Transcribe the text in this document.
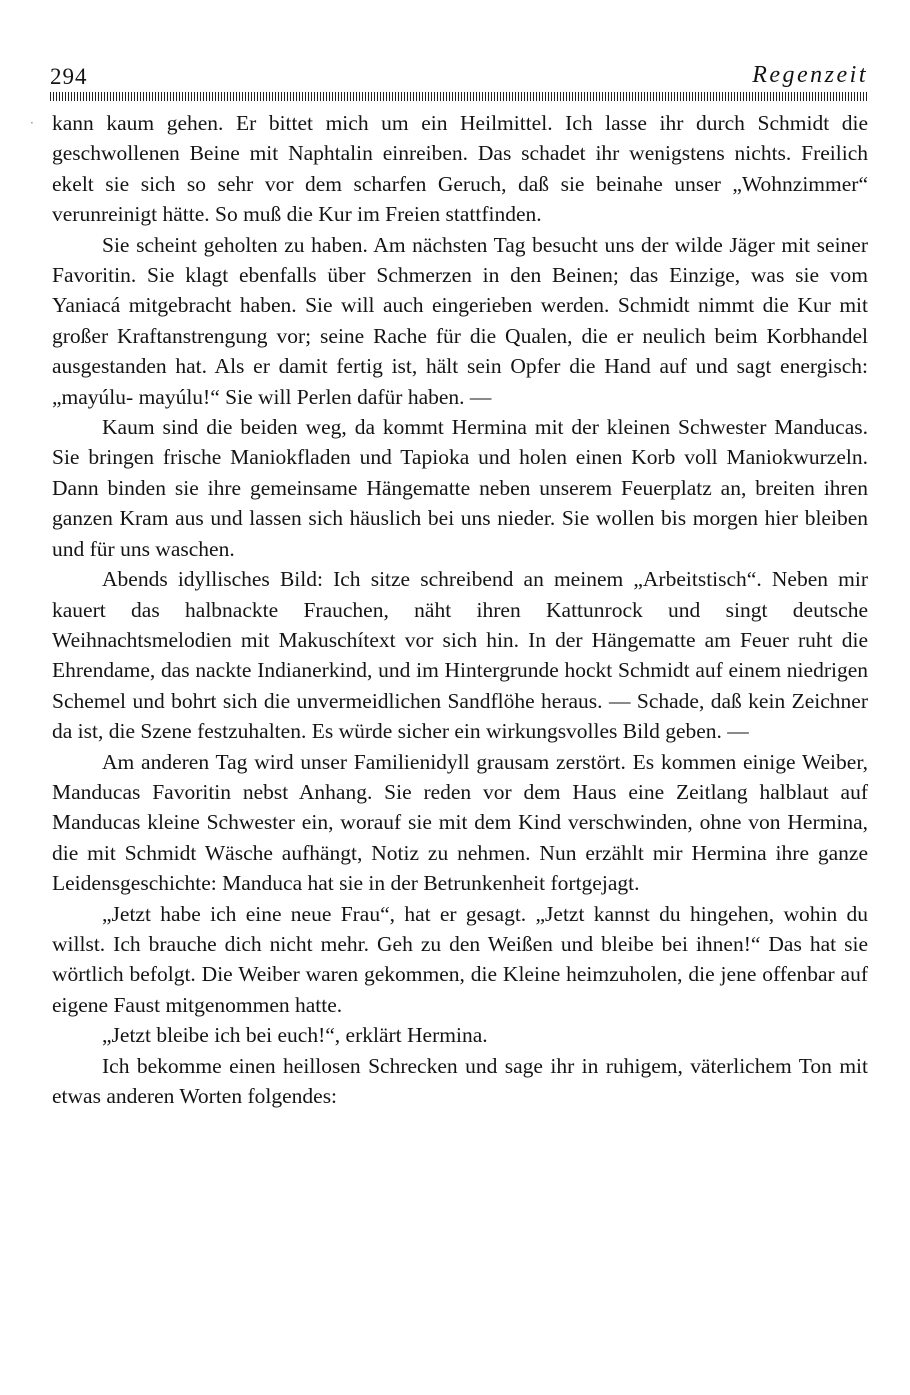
294	Regenzeit
· kann kaum gehen. Er bittet mich um ein Heilmittel. Ich lasse ihr durch Schmidt die geschwollenen Beine mit Naphtalin einreiben. Das schadet ihr wenigstens nichts. Freilich ekelt sie sich so sehr vor dem scharfen Geruch, daß sie beinahe unser „Wohnzimmer“ verunreinigt hätte. So muß die Kur im Freien stattfinden.

Sie scheint geholten zu haben. Am nächsten Tag besucht uns der wilde Jäger mit seiner Favoritin. Sie klagt ebenfalls über Schmerzen in den Beinen; das Einzige, was sie vom Yaniacá mitgebracht haben. Sie will auch eingerieben werden. Schmidt nimmt die Kur mit großer Kraftanstrengung vor; seine Rache für die Qualen, die er neulich beim Korbhandel ausgestanden hat. Als er damit fertig ist, hält sein Opfer die Hand auf und sagt energisch: „mayúlu- mayúlu!“ Sie will Perlen dafür haben. —

Kaum sind die beiden weg, da kommt Hermina mit der kleinen Schwester Manducas. Sie bringen frische Maniokfladen und Tapioka und holen einen Korb voll Maniokwurzeln. Dann binden sie ihre gemeinsame Hängematte neben unserem Feuerplatz an, breiten ihren ganzen Kram aus und lassen sich häuslich bei uns nieder. Sie wollen bis morgen hier bleiben und für uns waschen.

Abends idyllisches Bild: Ich sitze schreibend an meinem „Arbeitstisch“. Neben mir kauert das halbnackte Frauchen, näht ihren Kattunrock und singt deutsche Weihnachtsmelodien mit Makuschítext vor sich hin. In der Hängematte am Feuer ruht die Ehrendame, das nackte Indianerkind, und im Hintergrunde hockt Schmidt auf einem niedrigen Schemel und bohrt sich die unvermeidlichen Sandflöhe heraus. — Schade, daß kein Zeichner da ist, die Szene festzuhalten. Es würde sicher ein wirkungsvolles Bild geben. —

Am anderen Tag wird unser Familienidyll grausam zerstört. Es kommen einige Weiber, Manducas Favoritin nebst Anhang. Sie reden vor dem Haus eine Zeitlang halblaut auf Manducas kleine Schwester ein, worauf sie mit dem Kind verschwinden, ohne von Hermina, die mit Schmidt Wäsche aufhängt, Notiz zu nehmen. Nun erzählt mir Hermina ihre ganze Leidensgeschichte: Manduca hat sie in der Betrunkenheit fortgejagt.

„Jetzt habe ich eine neue Frau“, hat er gesagt. „Jetzt kannst du hingehen, wohin du willst. Ich brauche dich nicht mehr. Geh zu den Weißen und bleibe bei ihnen!“ Das hat sie wörtlich befolgt. Die Weiber waren gekommen, die Kleine heimzuholen, die jene offenbar auf eigene Faust mitgenommen hatte.

„Jetzt bleibe ich bei euch!“, erklärt Hermina.

Ich bekomme einen heillosen Schrecken und sage ihr in ruhigem, väterlichem Ton mit etwas anderen Worten folgendes:
